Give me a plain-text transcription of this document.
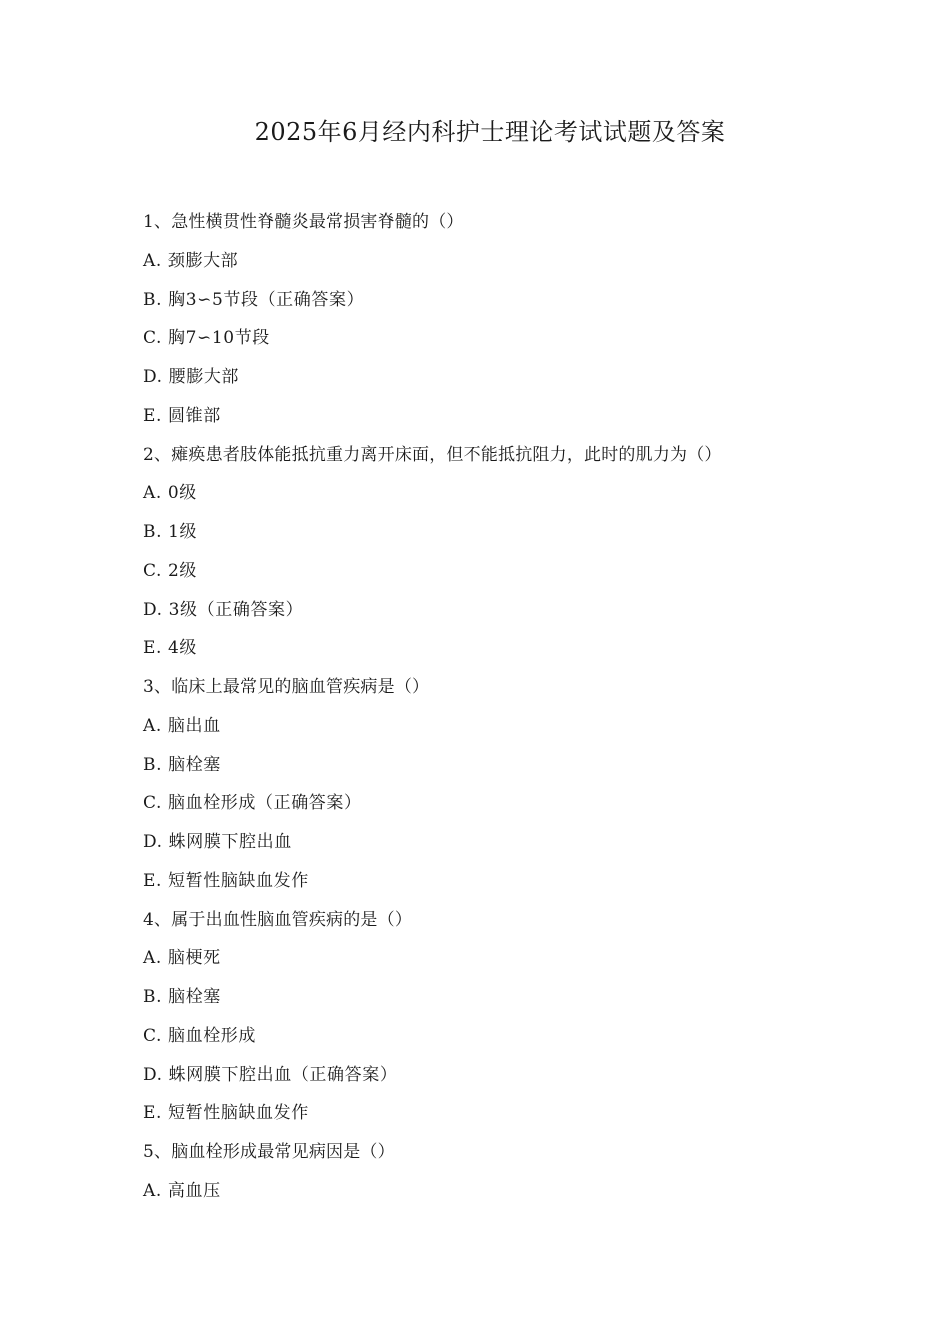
2025年6月经内科护士理论考试试题及答案
1、急性横贯性脊髓炎最常损害脊髓的（）
A. 颈膨大部
B. 胸3∽5节段（正确答案）
C. 胸7∽10节段
D. 腰膨大部
E. 圆锥部
2、瘫痪患者肢体能抵抗重力离开床面，但不能抵抗阻力，此时的肌力为（）
A. 0级
B. 1级
C. 2级
D. 3级（正确答案）
E. 4级
3、临床上最常见的脑血管疾病是（）
A. 脑出血
B. 脑栓塞
C. 脑血栓形成（正确答案）
D. 蛛网膜下腔出血
E. 短暂性脑缺血发作
4、属于出血性脑血管疾病的是（）
A. 脑梗死
B. 脑栓塞
C. 脑血栓形成
D. 蛛网膜下腔出血（正确答案）
E. 短暂性脑缺血发作
5、脑血栓形成最常见病因是（）
A. 高血压
